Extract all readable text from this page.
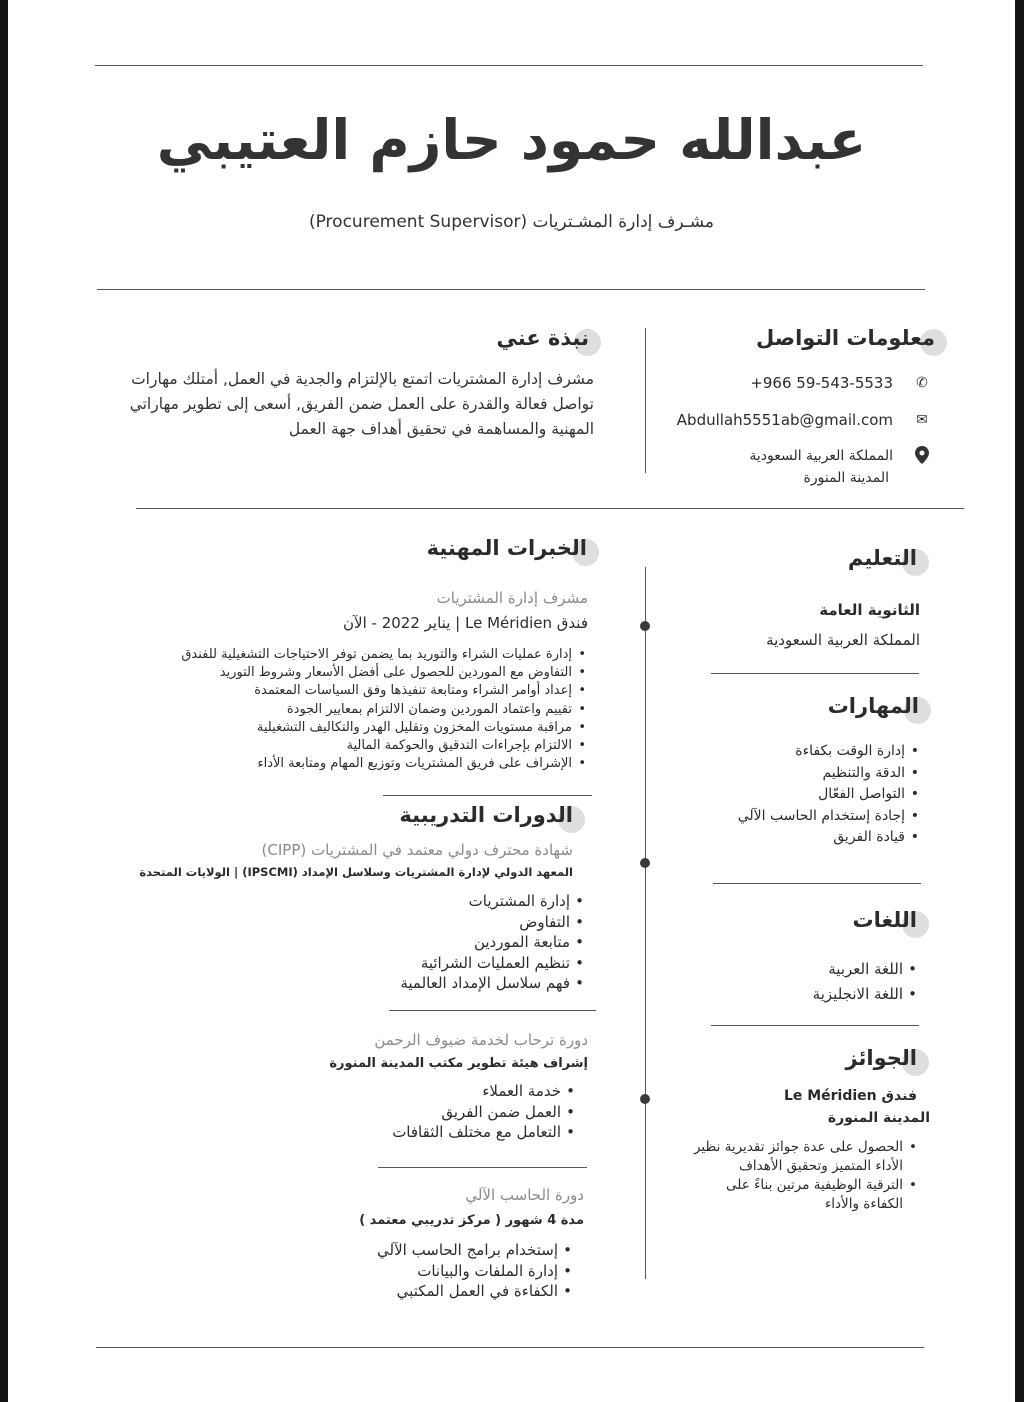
عبدالله حمود حازم العتيبي
مشـرف إدارة المشـتريات (Procurement Supervisor)
معلومات التواصل
✆
+966 59-543-5533
✉
Abdullah5551ab@gmail.com
المملكة العربية السعودية
المدينة المنورة
نبذة عني
مشرف إدارة المشتريات اتمتع بالإلتزام والجدية في العمل, أمتلك مهارات تواصل فعالة والقدرة على العمل ضمن الفريق, أسعى إلى تطوير مهاراتي المهنية والمساهمة في تحقيق أهداف جهة العمل
التعليم
الثانوية العامة
المملكة العربية السعودية
المهارات
• إدارة الوقت بكفاءة
• الدقة والتنظيم
• التواصل الفعّال
• إجادة إستخدام الحاسب الآلي
• قيادة الفريق
اللغات
• اللغة العربية
• اللغة الانجليزية
الجوائز
فندق Le Méridien
المدينة المنورة
• الحصول على عدة جوائز تقديرية نظير
الأداء المتميز وتحقيق الأهداف
• الترقية الوظيفية مرتين بناءً على
الكفاءة والأداء
الخبرات المهنية
مشرف إدارة المشتريات
فندق Le Méridien | يناير 2022 - الآن
• إدارة عمليات الشراء والتوريد بما يضمن توفر الاحتياجات التشغيلية للفندق
• التفاوض مع الموردين للحصول على أفضل الأسعار وشروط التوريد
• إعداد أوامر الشراء ومتابعة تنفيذها وفق السياسات المعتمدة
• تقييم واعتماد الموردين وضمان الالتزام بمعايير الجودة
• مراقبة مستويات المخزون وتقليل الهدر والتكاليف التشغيلية
• الالتزام بإجراءات التدقيق والحوكمة المالية
• الإشراف على فريق المشتريات وتوزيع المهام ومتابعة الأداء
الدورات التدريبية
شهادة محترف دولي معتمد في المشتريات (CIPP)
المعهد الدولي لإدارة المشتريات وسلاسل الإمداد (IPSCMI) | الولايات المتحدة
• إدارة المشتريات
• التفاوض
• متابعة الموردين
• تنظيم العمليات الشرائية
• فهم سلاسل الإمداد العالمية
دورة ترحاب لخدمة ضيوف الرحمن
إشراف هيئة تطوير مكتب المدينة المنورة
• خدمة العملاء
• العمل ضمن الفريق
• التعامل مع مختلف الثقافات
دورة الحاسب الآلي
مدة 4 شهور ( مركز تدريبي معتمد )
• إستخدام برامج الحاسب الآلي
• إدارة الملفات والبيانات
• الكفاءة في العمل المكتبي
